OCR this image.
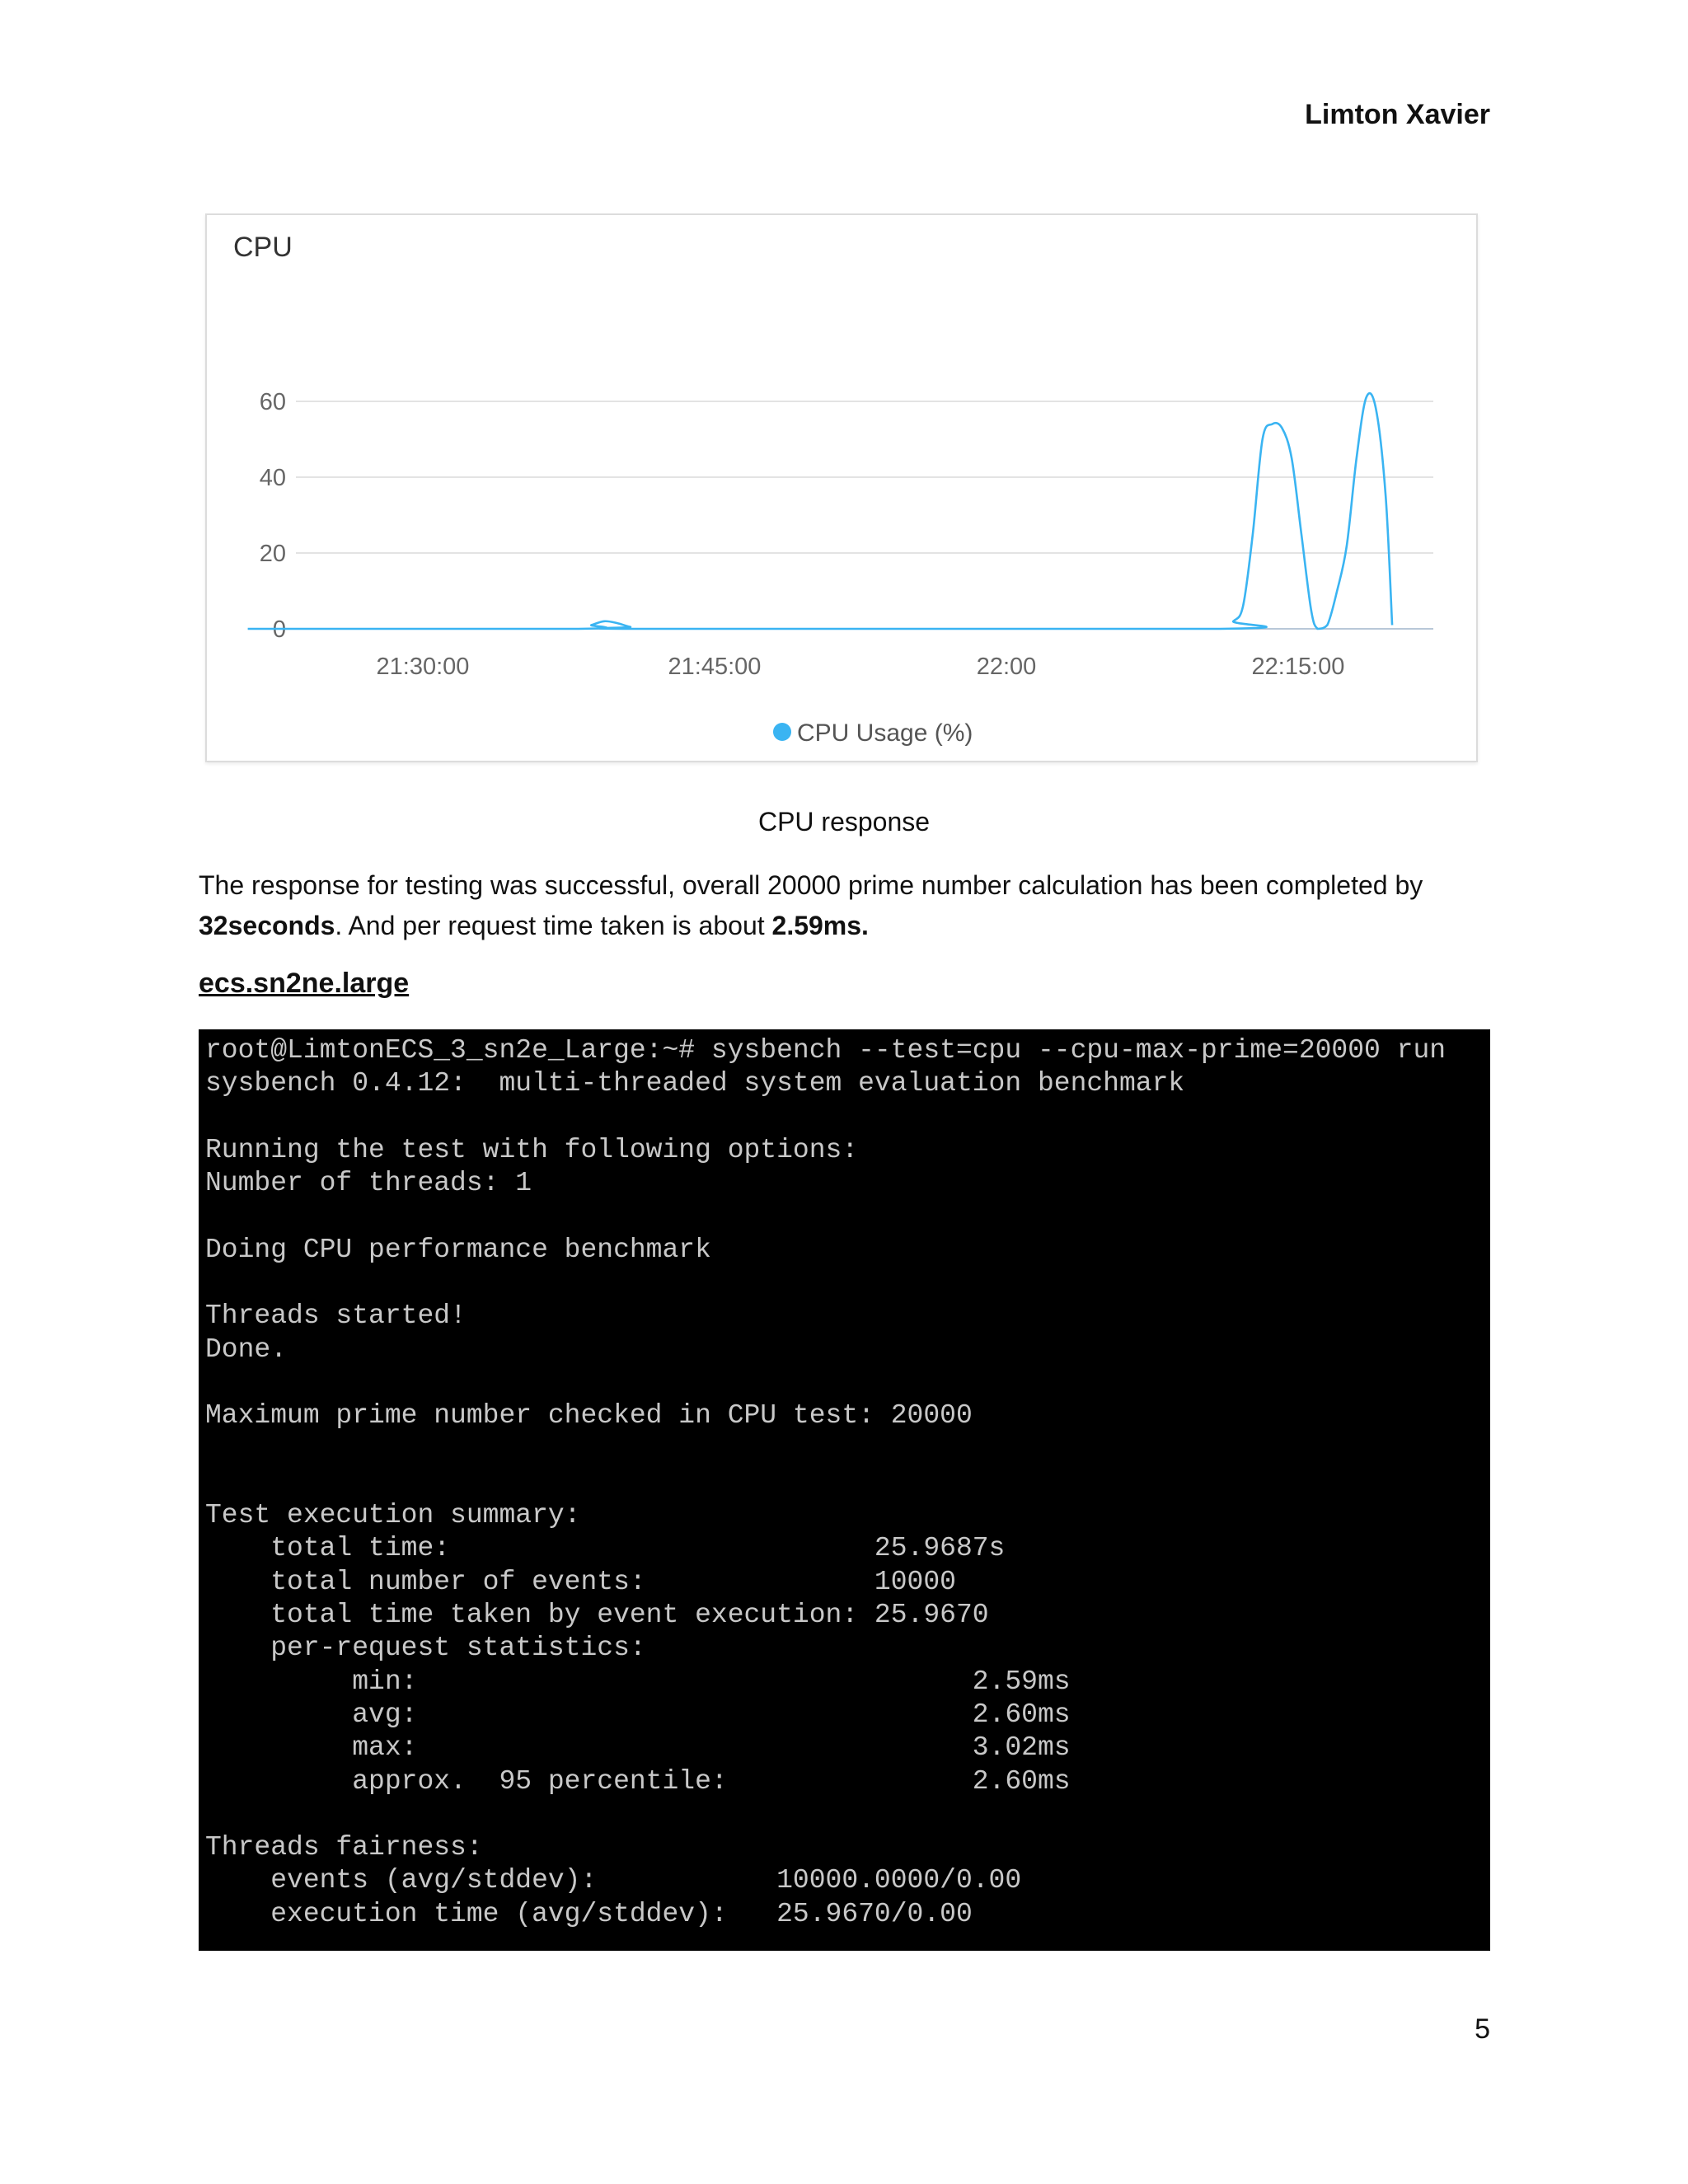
Limton Xavier
CPU
60
40
20
0
21:30:00	21:45:00	22:00	22:15:00
CPU Usage (%)
CPU response
The response for testing was successful, overall 20000 prime number calculation has been completed by 32seconds. And per request time taken is about 2.59ms.
ecs.sn2ne.large
root@LimtonECS_3_sn2e_Large:~# sysbench --test=cpu --cpu-max-prime=20000 run
sysbench 0.4.12:  multi-threaded system evaluation benchmark
Running the test with following options:
Number of threads: 1
Doing CPU performance benchmark
Threads started!
Done.
Maximum prime number checked in CPU test: 20000
Test execution summary:
total time:                          25.9687s
total number of events:              10000
total time taken by event execution: 25.9670
per-request statistics:
min:                                  2.59ms
avg:                                  2.60ms
max:                                  3.02ms
approx.  95 percentile:               2.60ms
Threads fairness:
events (avg/stddev):           10000.0000/0.00
execution time (avg/stddev):   25.9670/0.00
5
